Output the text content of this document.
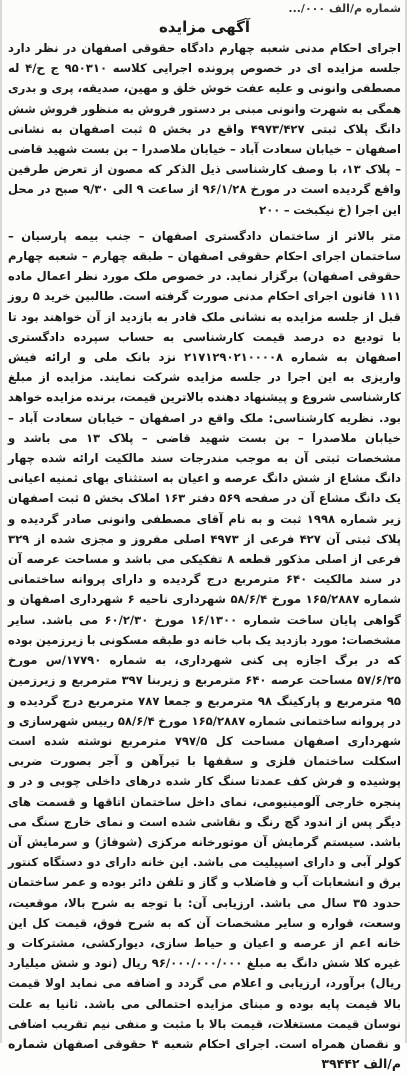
شماره م/الف ۰۰۰/...
آگهی مزایده

اجرای احکام مدنی شعبه چهارم دادگاه حقوقی اصفهان در نظر دارد جلسه مزایده ای در خصوص پرونده اجرایی کلاسه ۹۵۰۳۱۰ ج ح/۴ له مصطفی وانونی و علیه عفت خوش خلق و مهین، صدیقه، پری و بدری همگی به شهرت وانونی مبنی بر دستور فروش به منظور فروش شش دانگ پلاک ثبتی ۴۹۷۳/۴۲۷ واقع در بخش ۵ ثبت اصفهان به نشانی اصفهان – خیابان سعادت آباد – خیابان ملاصدرا – بن بست شهید قاضی – پلاک ۱۳، با وصف کارشناسی ذیل الذکر که مصون از تعرض طرفین واقع گردیده است در مورخ ۹۶/۱/۲۸ از ساعت ۹ الی ۹/۳۰ صبح در محل این اجرا (خ نیکبخت – ۲۰۰

متر بالاتر از ساختمان دادگستری اصفهان – جنب بیمه پارسیان – ساختمان اجرای احکام حقوقی اصفهان – طبقه چهارم – شعبه چهارم حقوقی اصفهان) برگزار نماید. در خصوص ملک مورد نظر اعمال ماده ۱۱۱ قانون اجرای احکام مدنی صورت گرفته است. طالبین خرید ۵ روز قبل از جلسه مزایده به نشانی ملک قادر به بازدید از آن خواهند بود تا با تودیع ده درصد قیمت کارشناسی به حساب سپرده دادگستری اصفهان به شماره ۲۱۷۱۲۹۰۲۱۰۰۰۰۸ نزد بانک ملی و ارائه فیش واریزی به این اجرا در جلسه مزایده شرکت نمایند. مزایده از مبلغ کارشناسی شروع و پیشنهاد دهنده بالاترین قیمت، برنده مزایده خواهد بود. نظریه کارشناسی: ملک واقع در اصفهان – خیابان سعادت آباد – خیابان ملاصدرا – بن بست شهید قاضی – پلاک ۱۳ می باشد و مشخصات ثبتی آن به موجب مندرجات سند مالکیت ارائه شده چهار دانگ مشاع از شش دانگ عرصه و اعیان به استثنای بهای ثمنیه اعیانی یک دانگ مشاع آن در صفحه ۵۶۹ دفتر ۱۶۳ املاک بخش ۵ ثبت اصفهان زیر شماره ۱۹۹۸ ثبت و به نام آقای مصطفی وانونی صادر گردیده و پلاک ثبتی آن ۴۲۷ فرعی از ۴۹۷۳ اصلی مفروز و مجزی شده از ۳۲۹ فرعی از اصلی مذکور قطعه ۸ تفکیکی می باشد و مساحت عرصه آن در سند مالکیت ۶۴۰ مترمربع درج گردیده و دارای پروانه ساختمانی شماره ۱۶۵/۲۸۸۷ مورخ ۵۸/۶/۴ شهرداری ناحیه ۶ شهرداری اصفهان و گواهی پایان ساخت شماره ۱۶/۱۳۰۰ مورخ ۶۰/۲/۳۰ می باشد. سایر مشخصات: مورد بازدید یک باب خانه دو طبقه مسکونی با زیرزمین بوده که در برگ اجازه پی کنی شهرداری، به شماره ۱۷۷۹۰/س مورخ ۵۷/۶/۲۵ مساحت عرصه ۶۴۰ مترمربع و زیربنا ۳۹۷ مترمربع و زیرزمین ۹۵ مترمربع و پارکینگ ۹۸ مترمربع و جمعا ۷۸۷ مترمربع درج گردیده و در پروانه ساختمانی شماره ۱۶۵/۲۸۸۷ مورخ ۵۸/۶/۴ رییس شهرسازی و شهرداری اصفهان مساحت کل ۷۹۷/۵ مترمربع نوشته شده است اسکلت ساختمان فلزی و سقفها با تیرآهن و آجر بصورت ضربی پوشیده و فرش کف عمدتا سنگ کار شده درهای داخلی چوبی و در و پنجره خارجی آلومینیومی، نمای داخل ساختمان اتاقها و قسمت های دیگر پس از اندود گچ رنگ و نقاشی شده است و نمای خارج سنگ می باشد. سیستم گرمایش آن موتورخانه مرکزی (شوفاژ) و سرمایش آن کولر آبی و دارای اسپیلیت می باشد. این خانه دارای دو دستگاه کنتور برق و انشعابات آب و فاضلاب و گاز و تلفن دائر بوده و عمر ساختمان حدود ۳۵ سال می باشد. ارزیابی آن: با توجه به شرح بالا، موقعیت، وسعت، قواره و سایر مشخصات آن که به شرح فوق، قیمت کل این خانه اعم از عرصه و اعیان و حیاط سازی، دیوارکشی، مشترکات و غیره کلا شش دانگ به مبلغ ۹۶/۰۰۰/۰۰۰/۰۰۰ ریال (نود و شش میلیارد ریال) برآورد، ارزیابی و اعلام می گردد و اضافه می نماید اولا قیمت بالا قیمت پایه بوده و مبنای مزایده احتمالی می باشد. ثانیا به علت نوسان قیمت مستغلات، قیمت بالا با مثبت و منفی نیم تقریب اضافی و نقصان همراه است. اجرای احکام شعبه ۴ حقوقی اصفهان شماره م/الف ۳۹۴۴۲
